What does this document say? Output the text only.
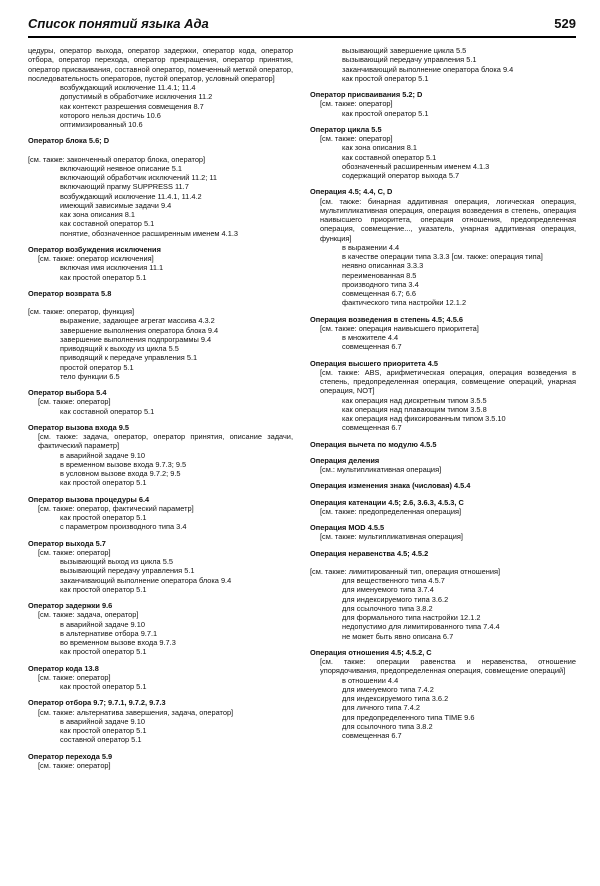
Список понятий языка Ада	529
цедуры, оператор выхода, оператор задержки, оператор кода, оператор отбора, оператор перехода, оператор прекращения, оператор принятия, оператор присваивания, составной оператор, помеченный меткой оператор, последовательность операторов, пустой оператор, условный оператор]
возбуждающий исключение 11.4.1; 11.4
допустимый в обработчике исключения 11.2
как контекст разрешения совмещения 8.7
которого нельзя достичь 10.6
оптимизированный 10.6
Оператор блока 5.6; D
[см. также: законченный оператор блока, оператор]
включающий неявное описание 5.1
включающий обработчик исключений 11.2; 11
включающий прагму SUPPRESS 11.7
возбуждающий исключение 11.4.1, 11.4.2
имеющий зависимые задачи 9.4
как зона описания 8.1
как составной оператор 5.1
понятие, обозначенное расширенным именем 4.1.3
Оператор возбуждения исключения
[см. также: оператор исключения]
включая имя исключения 11.1
как простой оператор 5.1
Оператор возврата 5.8
[см. также: оператор, функция]
выражение, задающее агрегат массива 4.3.2
завершение выполнения оператора блока 9.4
завершение выполнения подпрограммы 9.4
приводящий к выходу из цикла 5.5
приводящий к передаче управления 5.1
простой оператор 5.1
тело функции 6.5
Оператор выбора 5.4
[см. также: оператор]
как составной оператор 5.1
Оператор вызова входа 9.5
[см. также: задача, оператор, оператор принятия, описание задачи, фактический параметр]
в аварийной задаче 9.10
в временном вызове входа 9.7.3; 9.5
в условном вызове входа 9.7.2; 9.5
как простой оператор 5.1
Оператор вызова процедуры 6.4
[см. также: оператор, фактический параметр]
как простой оператор 5.1
с параметром производного типа 3.4
Оператор выхода 5.7
[см. также: оператор]
вызывающий выход из цикла 5.5
вызывающий передачу управления 5.1
заканчивающий выполнение оператора блока 9.4
как простой оператор 5.1
Оператор задержки 9.6
[см. также: задача, оператор]
в аварийной задаче 9.10
в альтернативе отбора 9.7.1
во временном вызове входа 9.7.3
как простой оператор 5.1
Оператор кода 13.8
[см. также: оператор]
как простой оператор 5.1
Оператор отбора 9.7; 9.7.1, 9.7.2, 9.7.3
[см. также: альтернатива завершения, задача, оператор]
в аварийной задаче 9.10
как простой оператор 5.1
составной оператор 5.1
Оператор перехода 5.9
[см. также: оператор]
вызывающий завершение цикла 5.5
вызывающий передачу управления 5.1
заканчивающий выполнение оператора блока 9.4
как простой оператор 5.1
Оператор присваивания 5.2; D
[см. также: оператор]
как простой оператор 5.1
Оператор цикла 5.5
[см. также: оператор]
как зона описания 8.1
как составной оператор 5.1
обозначенный расширенным именем 4.1.3
содержащий оператор выхода 5.7
Операция 4.5; 4.4, C, D
[см. также: бинарная аддитивная операция, логическая операция, мультипликативная операция, операция возведения в степень, операция наивысшего приоритета, операция отношения, предопределенная операция, совмещение..., указатель, унарная аддитивная операция, функция]
в выражении 4.4
в качестве операции типа 3.3.3 [см. также: операция типа]
неявно описанная 3.3.3
переименованная 8.5
производного типа 3.4
совмещенная 6.7; 6.6
фактического типа настройки 12.1.2
Операция возведения в степень 4.5; 4.5.6
[см. также: операция наивысшего приоритета]
в множителе 4.4
совмещенная 6.7
Операция высшего приоритета 4.5
[см. также: ABS, арифметическая операция, операция возведения в степень, предопределенная операция, совмещение операций, унарная операция, NOT]
как операция над дискретным типом 3.5.5
как операция над плавающим типом 3.5.8
как операция над фиксированным типом 3.5.10
совмещенная 6.7
Операция вычета по модулю 4.5.5
Операция деления
[см.: мультипликативная операция]
Операция изменения знака (числовая) 4.5.4
Операция катенации 4.5; 2.6, 3.6.3, 4.5.3, C
[см. также: предопределенная операция]
Операция MOD 4.5.5
[см. также: мультипликативная операция]
Операция неравенства 4.5; 4.5.2
[см. также: лимитированный тип, операция отношения]
для вещественного типа 4.5.7
для именуемого типа 3.7.4
для индексируемого типа 3.6.2
для ссылочного типа 3.8.2
для формального типа настройки 12.1.2
недопустимо для лимитированного типа 7.4.4
не может быть явно описана 6.7
Операция отношения 4.5; 4.5.2, C
[см. также: операции равенства и неравенства, отношение упорядочивания, предопределенная операция, совмещение операций]
в отношении 4.4
для именуемого типа 7.4.2
для индексируемого типа 3.6.2
для личного типа 7.4.2
для предопределенного типа TIME 9.6
для ссылочного типа 3.8.2
совмещенная 6.7
